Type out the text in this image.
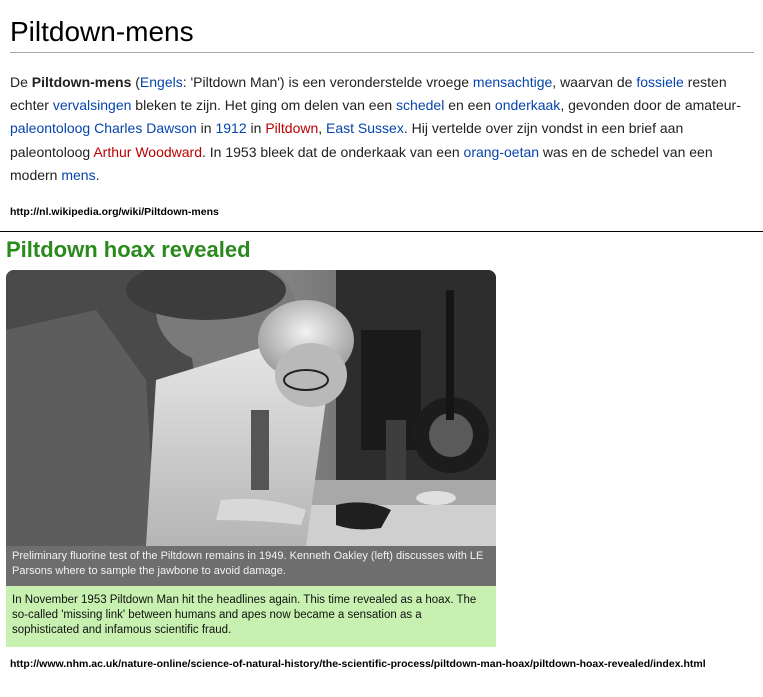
Piltdown-mens

De Piltdown-mens (Engels: 'Piltdown Man') is een veronderstelde vroege mensachtige, waarvan de fossiele resten echter vervalsingen bleken te zijn. Het ging om delen van een schedel en een onderkaak, gevonden door de amateur-paleontoloog Charles Dawson in 1912 in Piltdown, East Sussex. Hij vertelde over zijn vondst in een brief aan paleontoloog Arthur Woodward. In 1953 bleek dat de onderkaak van een orang-oetan was en de schedel van een modern mens.

http://nl.wikipedia.org/wiki/Piltdown-mens
Piltdown hoax revealed
Preliminary fluorine test of the Piltdown remains in 1949. Kenneth Oakley (left) discusses with LE Parsons where to sample the jawbone to avoid damage.
In November 1953 Piltdown Man hit the headlines again. This time revealed as a hoax. The so-called 'missing link' between humans and apes now became a sensation as a sophisticated and infamous scientific fraud.
http://www.nhm.ac.uk/nature-online/science-of-natural-history/the-scientific-process/piltdown-man-hoax/piltdown-hoax-revealed/index.html
